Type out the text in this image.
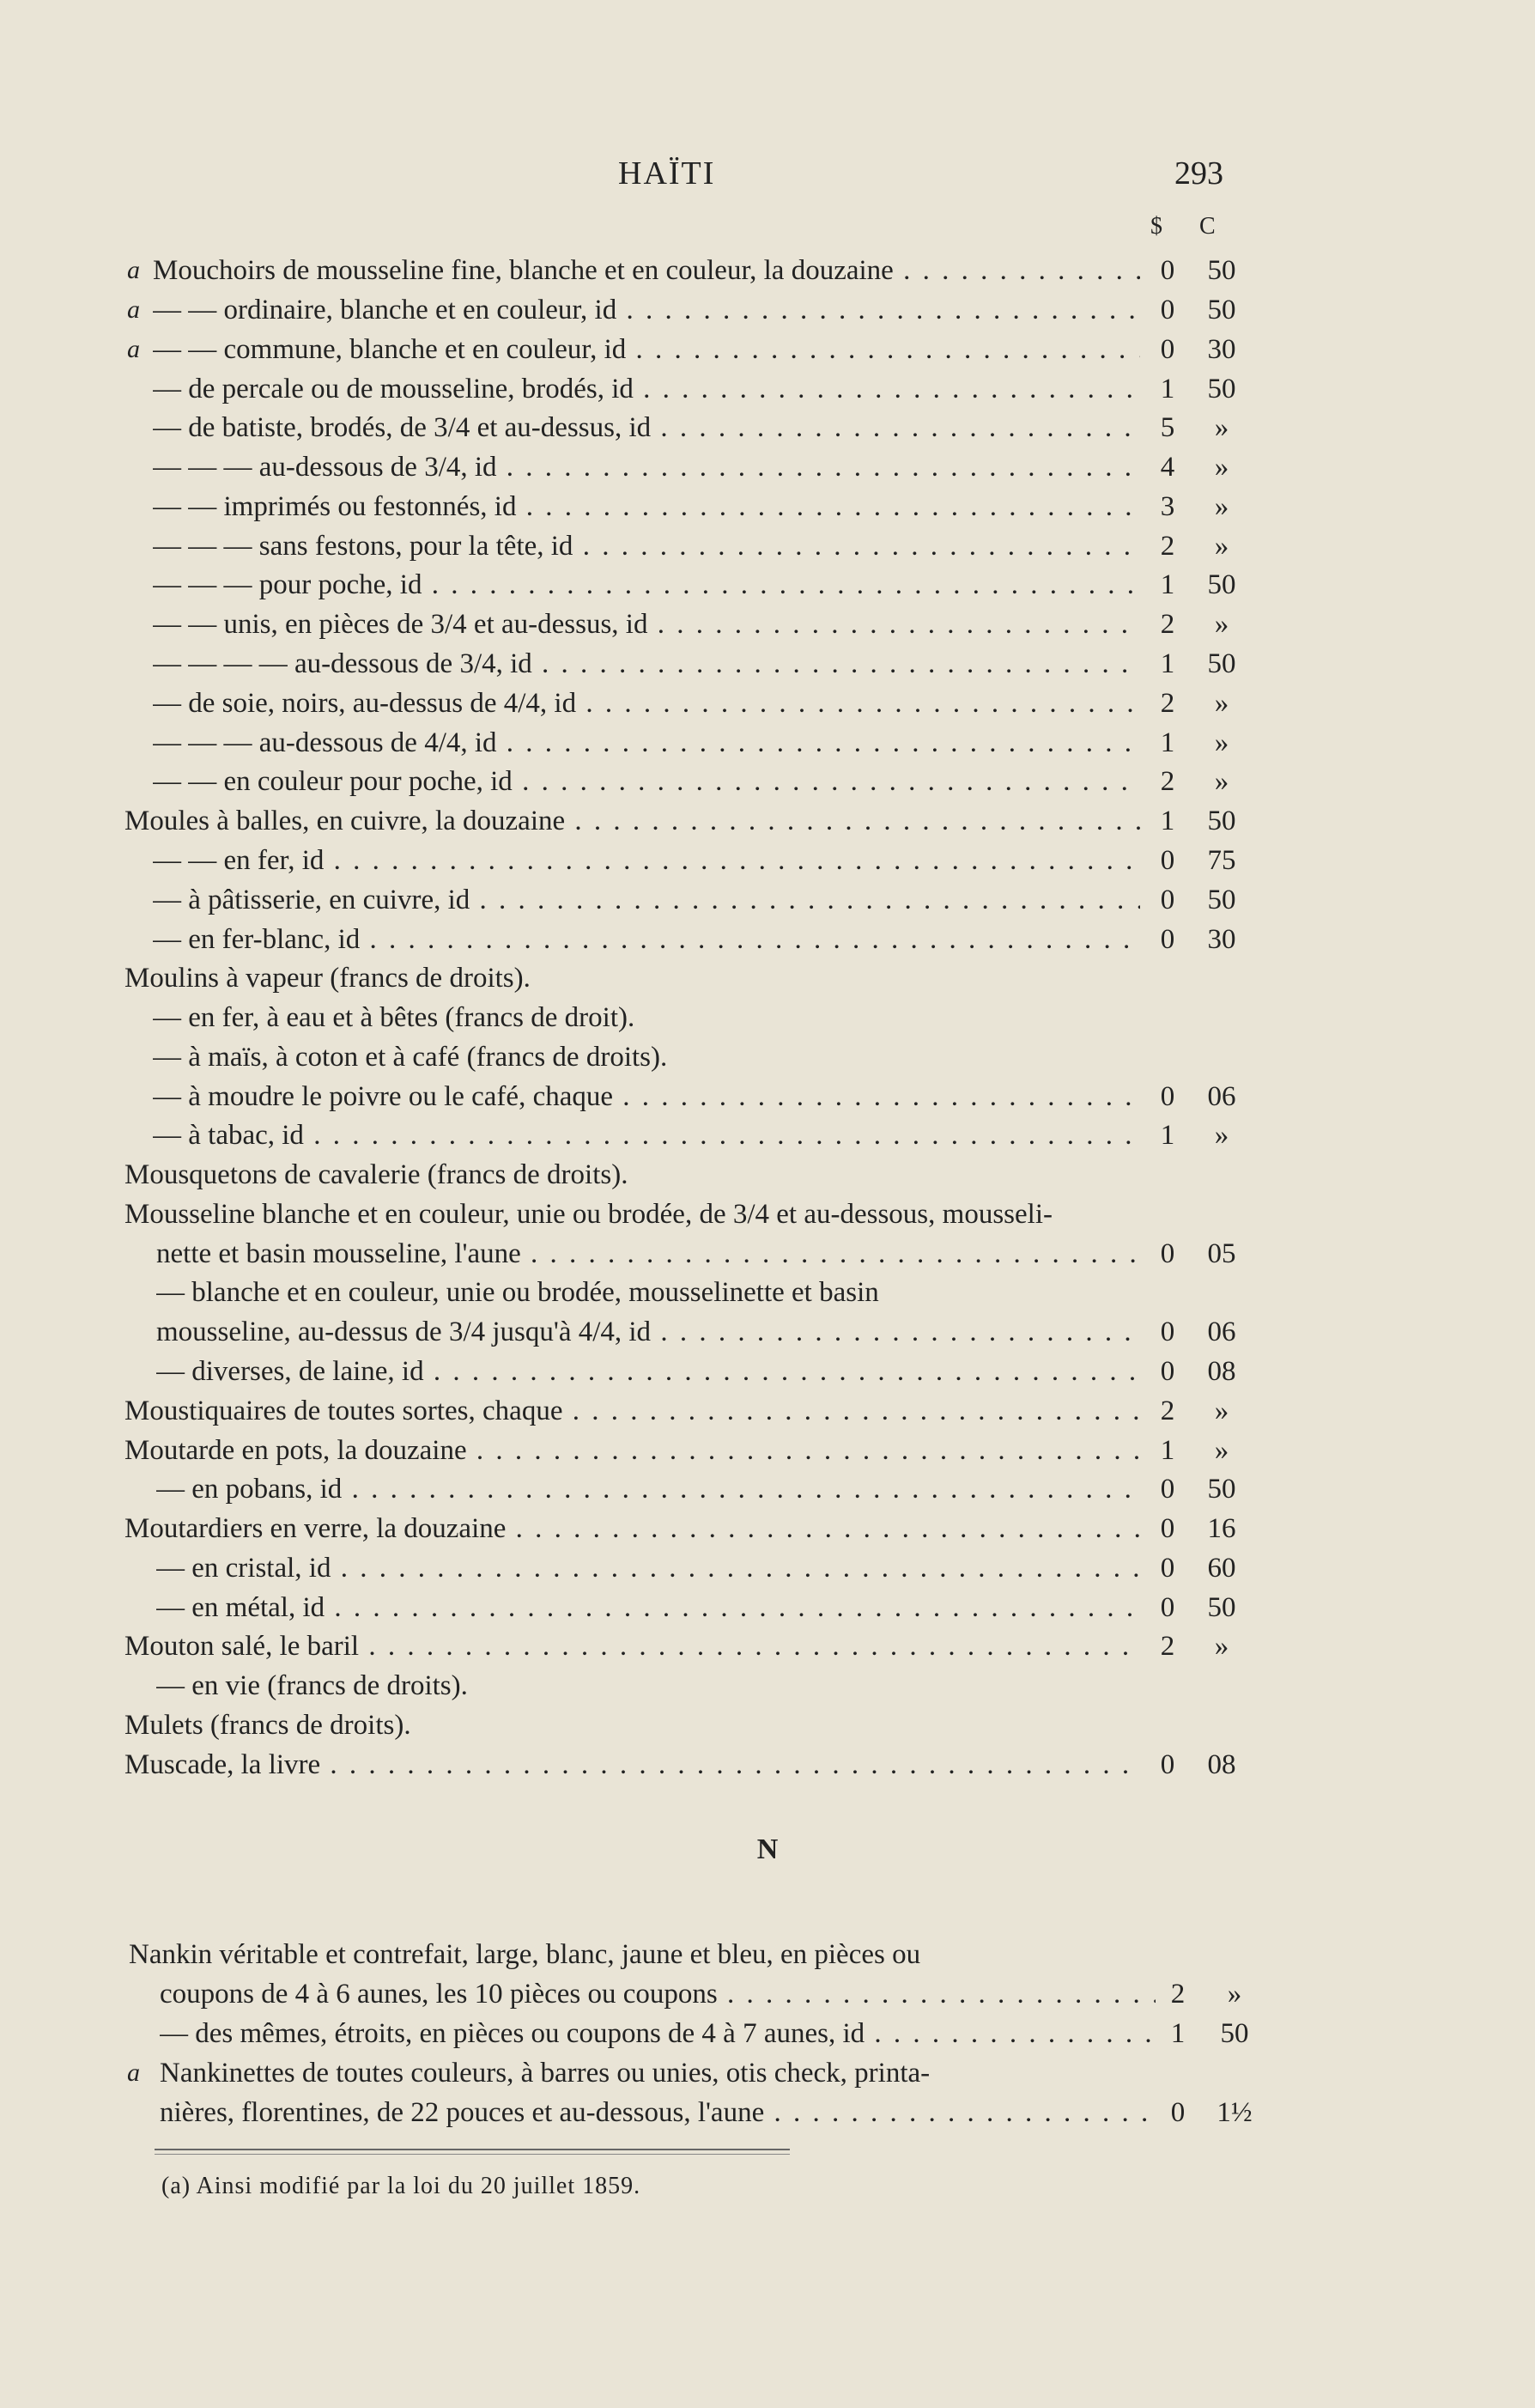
HAÏTI	293
$ C
a Mouchoirs de mousseline fine, blanche et en couleur, la douzaine . . .	0	50
a — — ordinaire, blanche et en couleur, id . . .	0	50
a — — commune, blanche et en couleur, id . . .	0	30
— de percale ou de mousseline, brodés, id . . .	1	50
— de batiste, brodés, de 3/4 et au-dessus, id . . .	5	»
— — — au-dessous de 3/4, id . . .	4	»
— — imprimés ou festonnés, id . . .	3	»
— — — sans festons, pour la tête, id . . .	2	»
— — — pour poche, id . . .	1	50
— — unis, en pièces de 3/4 et au-dessus, id . . .	2	»
— — — — au-dessous de 3/4, id . . .	1	50
— de soie, noirs, au-dessus de 4/4, id . . .	2	»
— — — au-dessous de 4/4, id . . .	1	»
— — en couleur pour poche, id . . .	2	»
Moules à balles, en cuivre, la douzaine . . .	1	50
— — en fer, id . . .	0	75
— à pâtisserie, en cuivre, id . . .	0	50
— en fer-blanc, id . . .	0	30
Moulins à vapeur (francs de droits).
— en fer, à eau et à bêtes (francs de droit).
— à maïs, à coton et à café (francs de droits).
— à moudre le poivre ou le café, chaque . . .	0	06
— à tabac, id . . .	1	»
Mousquetons de cavalerie (francs de droits).
Mousseline blanche et en couleur, unie ou brodée, de 3/4 et au-dessous, mousseli-
nette et basin mousseline, l'aune . . .	0	05
— blanche et en couleur, unie ou brodée, mousselinette et basin
mousseline, au-dessus de 3/4 jusqu'à 4/4, id . . .	0	06
— diverses, de laine, id . . .	0	08
Moustiquaires de toutes sortes, chaque . . .	2	»
Moutarde en pots, la douzaine . . .	1	»
— en pobans, id . . .	0	50
Moutardiers en verre, la douzaine . . .	0	16
— en cristal, id . . .	0	60
— en métal, id . . .	0	50
Mouton salé, le baril . . .	2	»
— en vie (francs de droits).
Mulets (francs de droits).
Muscade, la livre . . .	0	08
N
Nankin véritable et contrefait, large, blanc, jaune et bleu, en pièces ou
coupons de 4 à 6 aunes, les 10 pièces ou coupons . . .	2	»
— des mêmes, étroits, en pièces ou coupons de 4 à 7 aunes, id . . .	1	50
a Nankinettes de toutes couleurs, à barres ou unies, otis check, printa-
nières, florentines, de 22 pouces et au-dessous, l'aune . . .	0	1½
(a) Ainsi modifié par la loi du 20 juillet 1859.
